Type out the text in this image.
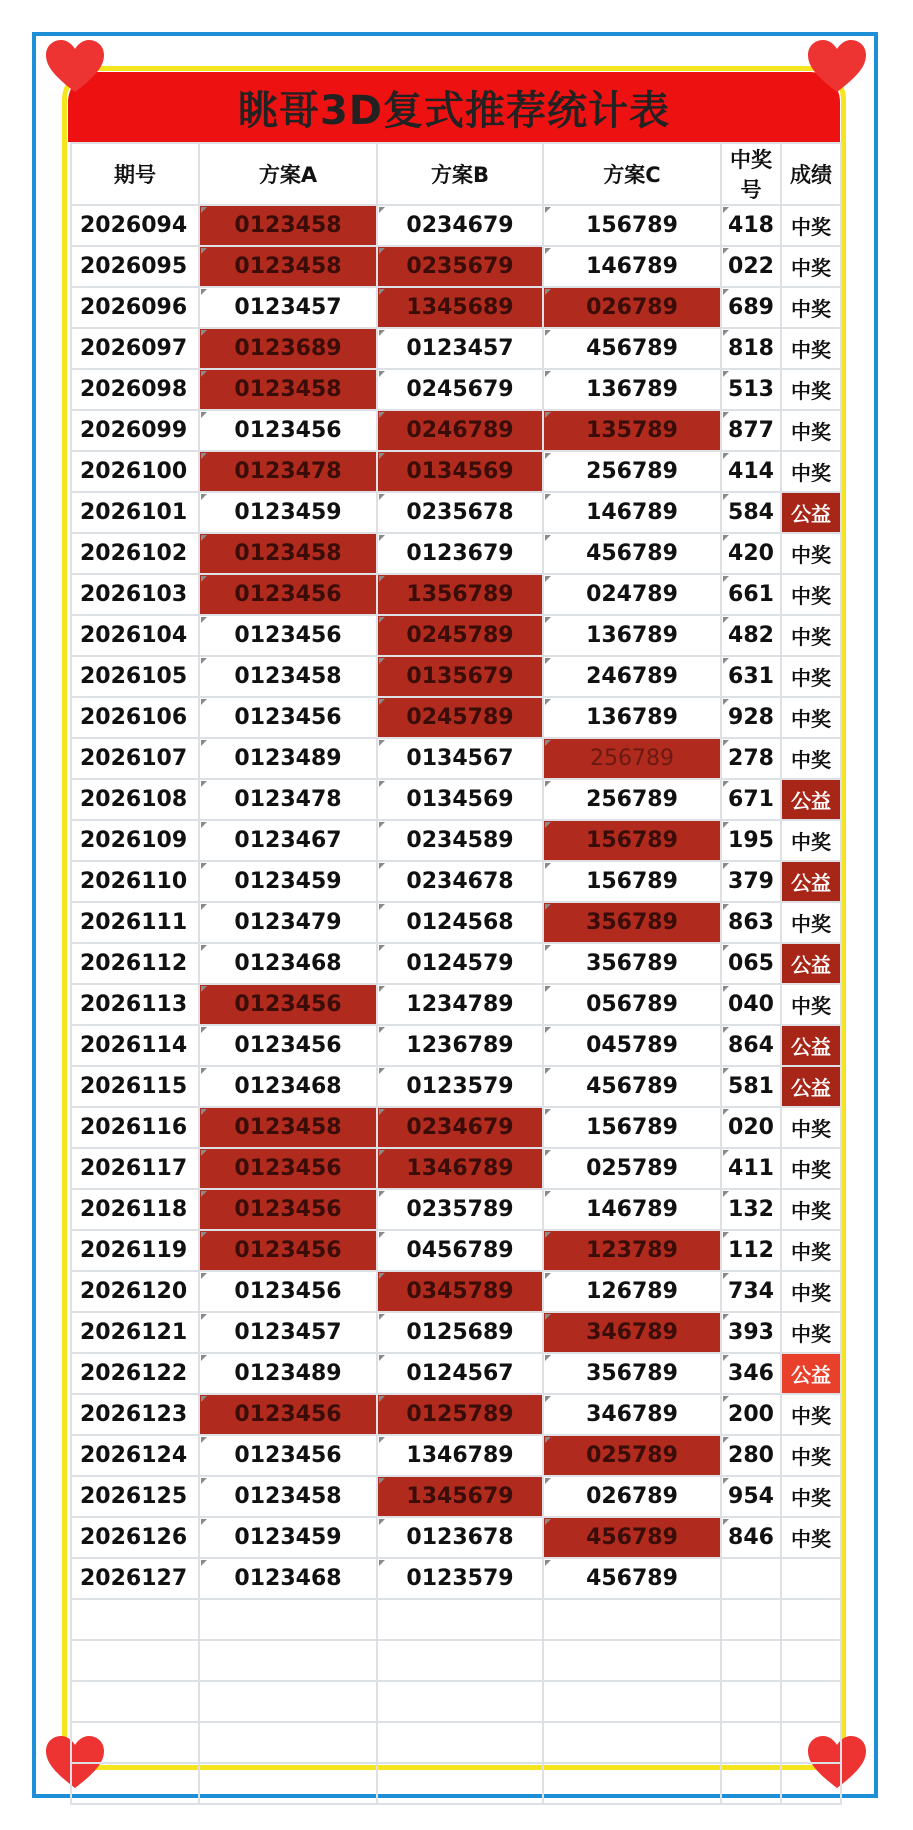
眺哥3D复式推荐统计表
期号	方案A	方案B	方案C	中奖号	成绩
2026094	0123458	0234679	156789	418	中奖
2026095	0123458	0235679	146789	022	中奖
2026096	0123457	1345689	026789	689	中奖
2026097	0123689	0123457	456789	818	中奖
2026098	0123458	0245679	136789	513	中奖
2026099	0123456	0246789	135789	877	中奖
2026100	0123478	0134569	256789	414	中奖
2026101	0123459	0235678	146789	584	公益
2026102	0123458	0123679	456789	420	中奖
2026103	0123456	1356789	024789	661	中奖
2026104	0123456	0245789	136789	482	中奖
2026105	0123458	0135679	246789	631	中奖
2026106	0123456	0245789	136789	928	中奖
2026107	0123489	0134567	256789	278	中奖
2026108	0123478	0134569	256789	671	公益
2026109	0123467	0234589	156789	195	中奖
2026110	0123459	0234678	156789	379	公益
2026111	0123479	0124568	356789	863	中奖
2026112	0123468	0124579	356789	065	公益
2026113	0123456	1234789	056789	040	中奖
2026114	0123456	1236789	045789	864	公益
2026115	0123468	0123579	456789	581	公益
2026116	0123458	0234679	156789	020	中奖
2026117	0123456	1346789	025789	411	中奖
2026118	0123456	0235789	146789	132	中奖
2026119	0123456	0456789	123789	112	中奖
2026120	0123456	0345789	126789	734	中奖
2026121	0123457	0125689	346789	393	中奖
2026122	0123489	0124567	356789	346	公益
2026123	0123456	0125789	346789	200	中奖
2026124	0123456	1346789	025789	280	中奖
2026125	0123458	1345679	026789	954	中奖
2026126	0123459	0123678	456789	846	中奖
2026127	0123468	0123579	456789		
